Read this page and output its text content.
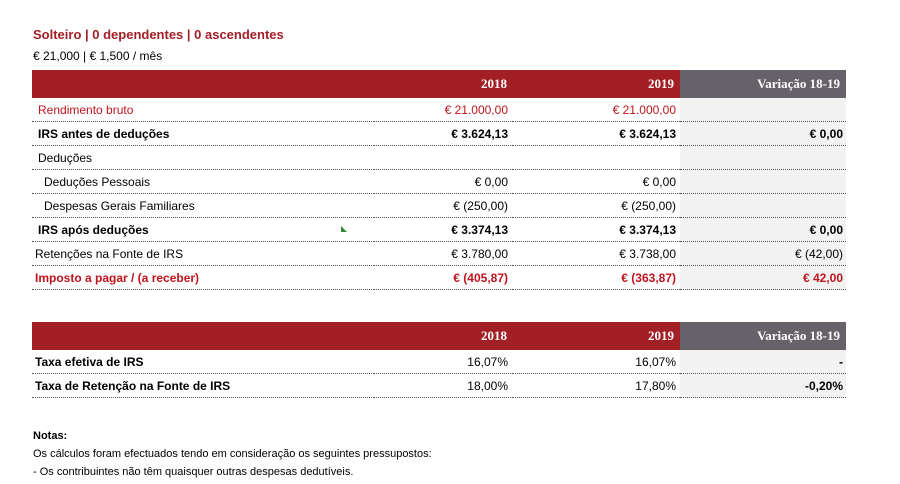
Solteiro | 0 dependentes | 0 ascendentes
€ 21,000 | € 1,500 / mês
	2018	2019	Variação 18-19
Rendimento bruto	€ 21.000,00	€ 21.000,00	
IRS antes de deduções	€ 3.624,13	€ 3.624,13	€ 0,00
Deduções			
Deduções Pessoais	€ 0,00	€ 0,00	
Despesas Gerais Familiares	€ (250,00)	€ (250,00)	
IRS após deduções	€ 3.374,13	€ 3.374,13	€ 0,00
Retenções na Fonte de IRS	€ 3.780,00	€ 3.738,00	€ (42,00)
Imposto a pagar / (a receber)	€ (405,87)	€ (363,87)	€ 42,00
	2018	2019	Variação 18-19
Taxa efetiva de IRS	16,07%	16,07%	-
Taxa de Retenção na Fonte de IRS	18,00%	17,80%	-0,20%
Notas:
Os cálculos foram efectuados tendo em consideração os seguintes pressupostos:
- Os contribuintes não têm quaisquer outras despesas dedutíveis.
